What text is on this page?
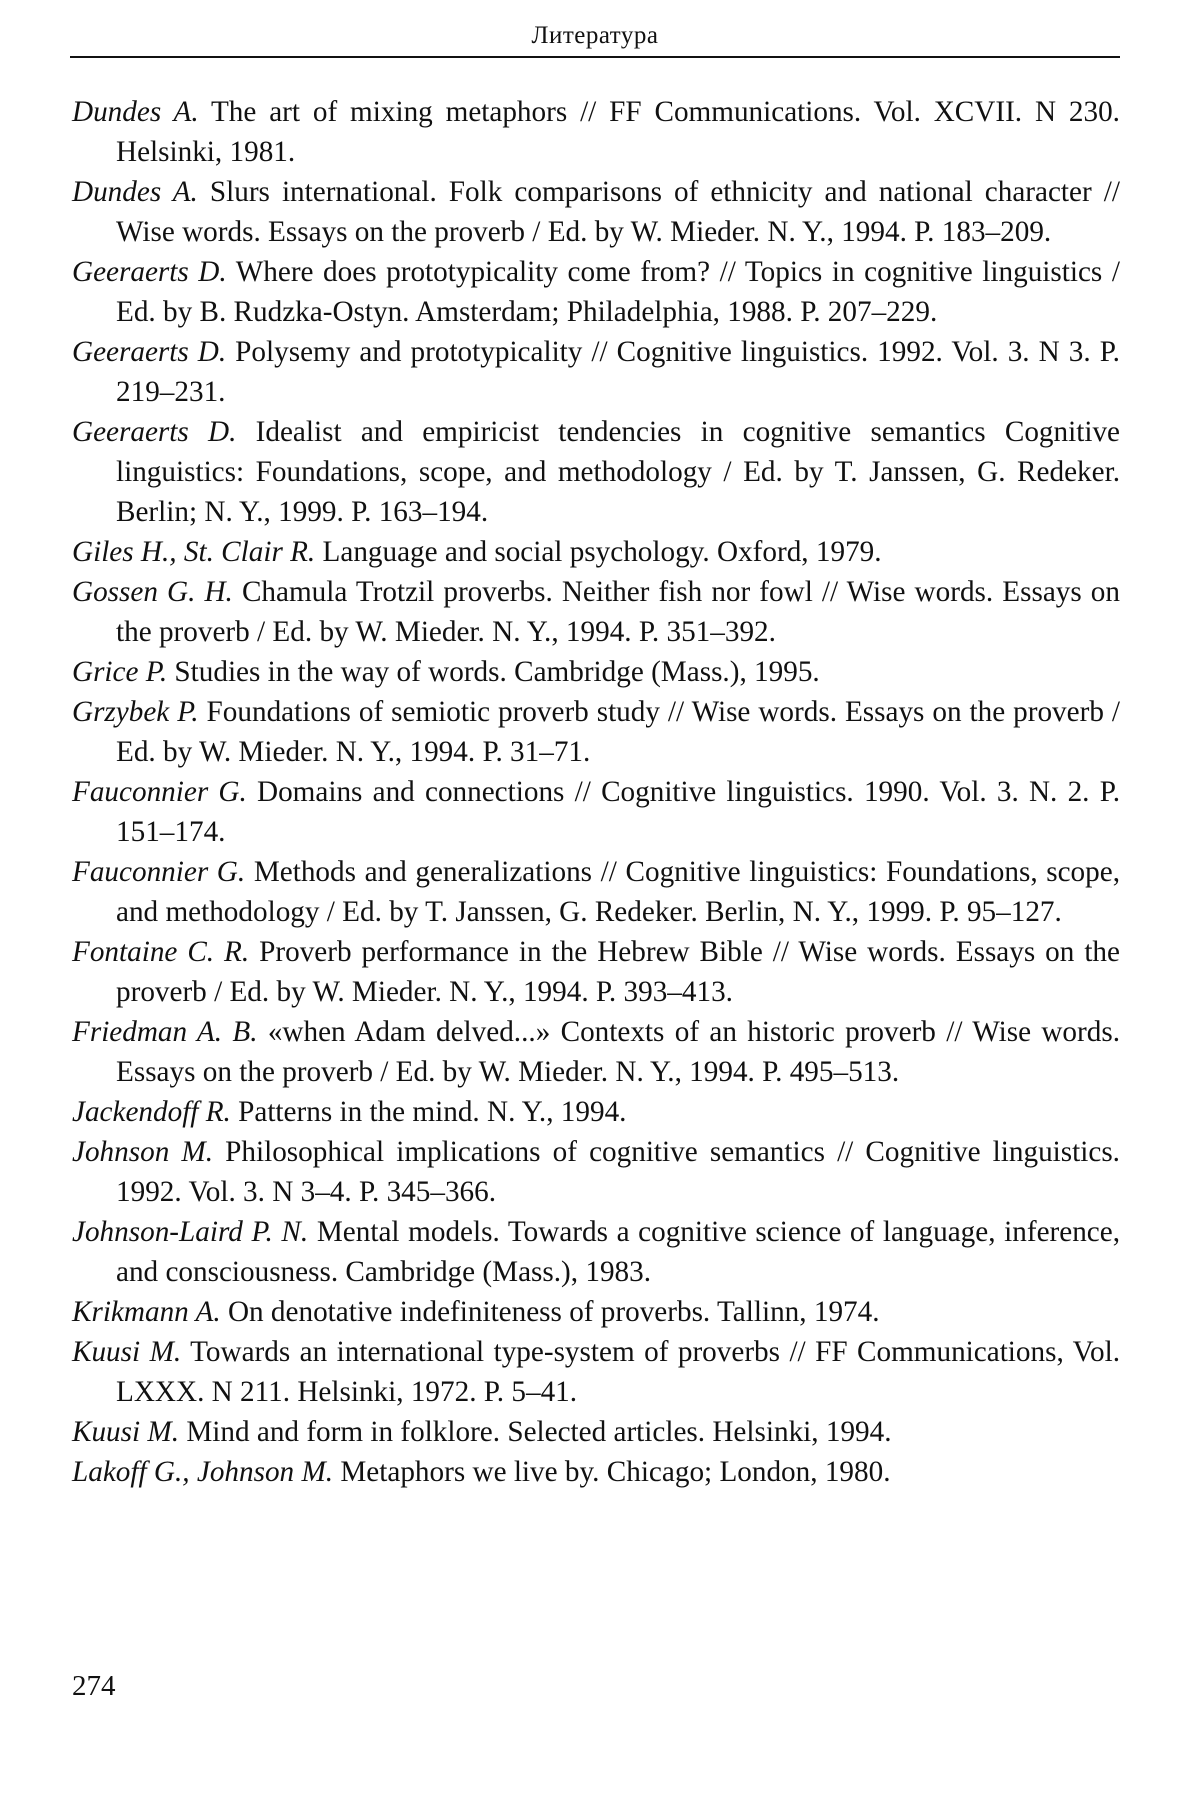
Литература
Dundes A. The art of mixing metaphors // FF Communications. Vol. XCVII. N 230. Helsinki, 1981.
Dundes A. Slurs international. Folk comparisons of ethnicity and national character // Wise words. Essays on the proverb / Ed. by W. Mieder. N. Y., 1994. P. 183–209.
Geeraerts D. Where does prototypicality come from? // Topics in cognitive linguistics / Ed. by B. Rudzka-Ostyn. Amsterdam; Philadelphia, 1988. P. 207–229.
Geeraerts D. Polysemy and prototypicality // Cognitive linguistics. 1992. Vol. 3. N 3. P. 219–231.
Geeraerts D. Idealist and empiricist tendencies in cognitive semantics Cognitive linguistics: Foundations, scope, and methodology / Ed. by T. Janssen, G. Redeker. Berlin; N. Y., 1999. P. 163–194.
Giles H., St. Clair R. Language and social psychology. Oxford, 1979.
Gossen G. H. Chamula Trotzil proverbs. Neither fish nor fowl // Wise words. Essays on the proverb / Ed. by W. Mieder. N. Y., 1994. P. 351–392.
Grice P. Studies in the way of words. Cambridge (Mass.), 1995.
Grzybek P. Foundations of semiotic proverb study // Wise words. Essays on the proverb / Ed. by W. Mieder. N. Y., 1994. P. 31–71.
Fauconnier G. Domains and connections // Cognitive linguistics. 1990. Vol. 3. N. 2. P. 151–174.
Fauconnier G. Methods and generalizations // Cognitive linguistics: Foundations, scope, and methodology / Ed. by T. Janssen, G. Redeker. Berlin, N. Y., 1999. P. 95–127.
Fontaine C. R. Proverb performance in the Hebrew Bible // Wise words. Essays on the proverb / Ed. by W. Mieder. N. Y., 1994. P. 393–413.
Friedman A. B. «when Adam delved...» Contexts of an historic proverb // Wise words. Essays on the proverb / Ed. by W. Mieder. N. Y., 1994. P. 495–513.
Jackendoff R. Patterns in the mind. N. Y., 1994.
Johnson M. Philosophical implications of cognitive semantics // Cognitive linguistics. 1992. Vol. 3. N 3–4. P. 345–366.
Johnson-Laird P. N. Mental models. Towards a cognitive science of language, inference, and consciousness. Cambridge (Mass.), 1983.
Krikmann A. On denotative indefiniteness of proverbs. Tallinn, 1974.
Kuusi M. Towards an international type-system of proverbs // FF Communications, Vol. LXXX. N 211. Helsinki, 1972. P. 5–41.
Kuusi M. Mind and form in folklore. Selected articles. Helsinki, 1994.
Lakoff G., Johnson M. Metaphors we live by. Chicago; London, 1980.
274
